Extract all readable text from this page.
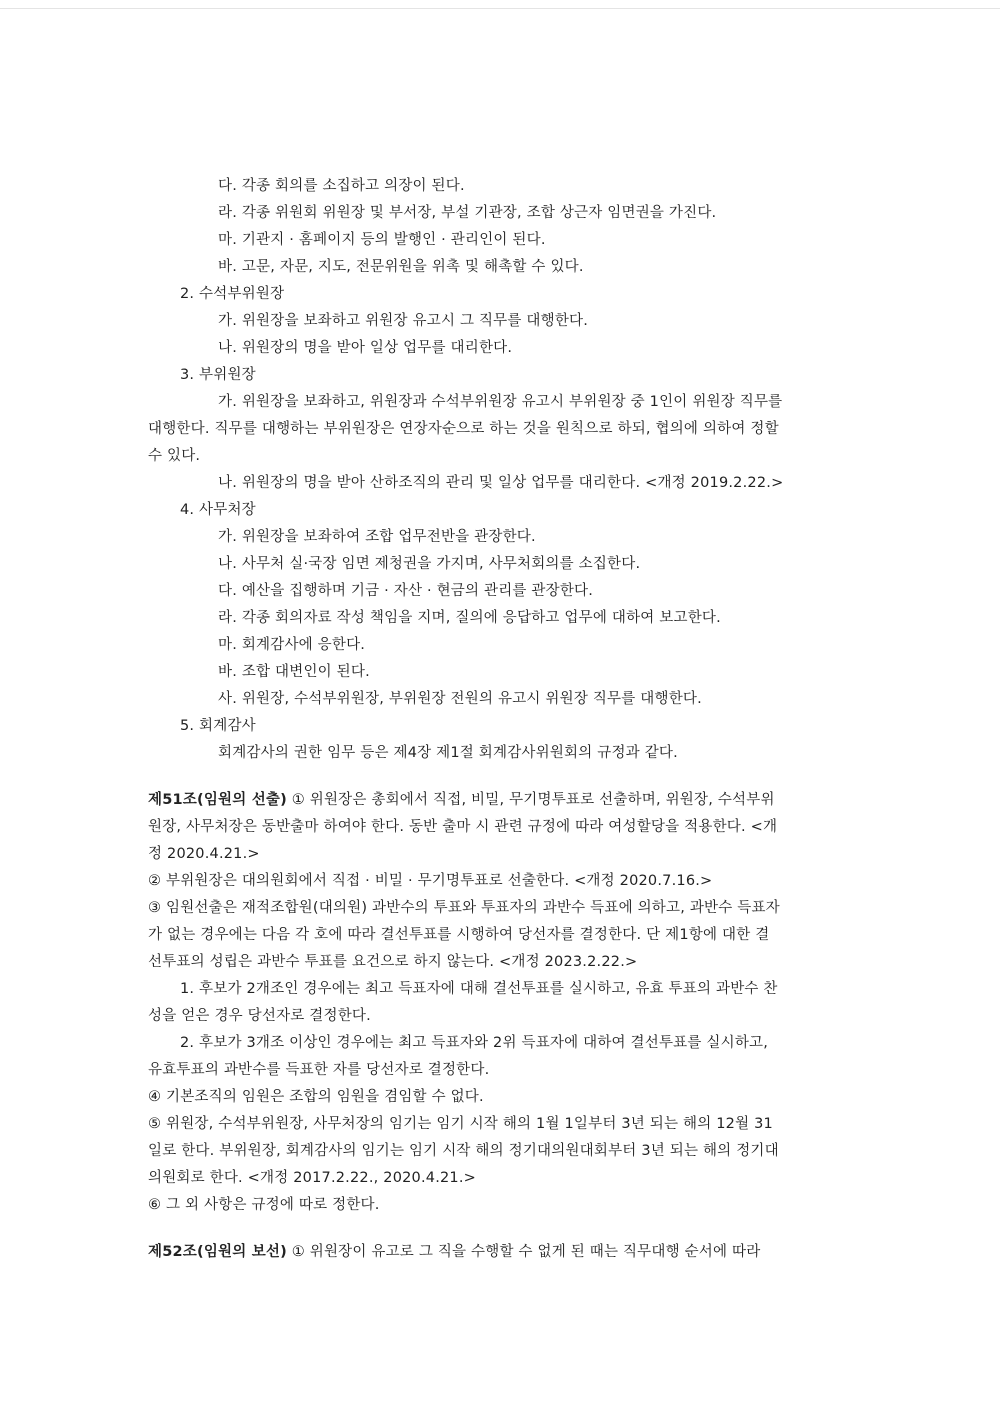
다. 각종 회의를 소집하고 의장이 된다.
라. 각종 위원회 위원장 및 부서장, 부설 기관장, 조합 상근자 임면권을 가진다.
마. 기관지 · 홈페이지 등의 발행인 · 관리인이 된다.
바. 고문, 자문, 지도, 전문위원을 위촉 및 해촉할 수 있다.
2. 수석부위원장
가. 위원장을 보좌하고 위원장 유고시 그 직무를 대행한다.
나. 위원장의 명을 받아 일상 업무를 대리한다.
3. 부위원장
가. 위원장을 보좌하고, 위원장과 수석부위원장 유고시 부위원장 중 1인이 위원장 직무를
대행한다. 직무를 대행하는 부위원장은 연장자순으로 하는 것을 원칙으로 하되, 협의에 의하여 정할
수 있다.
나. 위원장의 명을 받아 산하조직의 관리 및 일상 업무를 대리한다. <개정 2019.2.22.>
4. 사무처장
가. 위원장을 보좌하여 조합 업무전반을 관장한다.
나. 사무처 실·국장 임면 제청권을 가지며, 사무처회의를 소집한다.
다. 예산을 집행하며 기금 · 자산 · 현금의 관리를 관장한다.
라. 각종 회의자료 작성 책임을 지며, 질의에 응답하고 업무에 대하여 보고한다.
마. 회계감사에 응한다.
바. 조합 대변인이 된다.
사. 위원장, 수석부위원장, 부위원장 전원의 유고시 위원장 직무를 대행한다.
5. 회계감사
회계감사의 권한 임무 등은 제4장 제1절 회계감사위원회의 규정과 같다.
제51조(임원의 선출) ① 위원장은 총회에서 직접, 비밀, 무기명투표로 선출하며, 위원장, 수석부위
원장, 사무처장은 동반출마 하여야 한다. 동반 출마 시 관련 규정에 따라 여성할당을 적용한다. <개
정 2020.4.21.>
② 부위원장은 대의원회에서 직접 · 비밀 · 무기명투표로 선출한다. <개정 2020.7.16.>
③ 임원선출은 재적조합원(대의원) 과반수의 투표와 투표자의 과반수 득표에 의하고, 과반수 득표자
가 없는 경우에는 다음 각 호에 따라 결선투표를 시행하여 당선자를 결정한다. 단 제1항에 대한 결
선투표의 성립은 과반수 투표를 요건으로 하지 않는다. <개정 2023.2.22.>
1. 후보가 2개조인 경우에는 최고 득표자에 대해 결선투표를 실시하고, 유효 투표의 과반수 찬
성을 얻은 경우 당선자로 결정한다.
2. 후보가 3개조 이상인 경우에는 최고 득표자와 2위 득표자에 대하여 결선투표를 실시하고,
유효투표의 과반수를 득표한 자를 당선자로 결정한다.
④ 기본조직의 임원은 조합의 임원을 겸임할 수 없다.
⑤ 위원장, 수석부위원장, 사무처장의 임기는 임기 시작 해의 1월 1일부터 3년 되는 해의 12월 31
일로 한다. 부위원장, 회계감사의 임기는 임기 시작 해의 정기대의원대회부터 3년 되는 해의 정기대
의원회로 한다. <개정 2017.2.22., 2020.4.21.>
⑥ 그 외 사항은 규정에 따로 정한다.
제52조(임원의 보선) ① 위원장이 유고로 그 직을 수행할 수 없게 된 때는 직무대행 순서에 따라
